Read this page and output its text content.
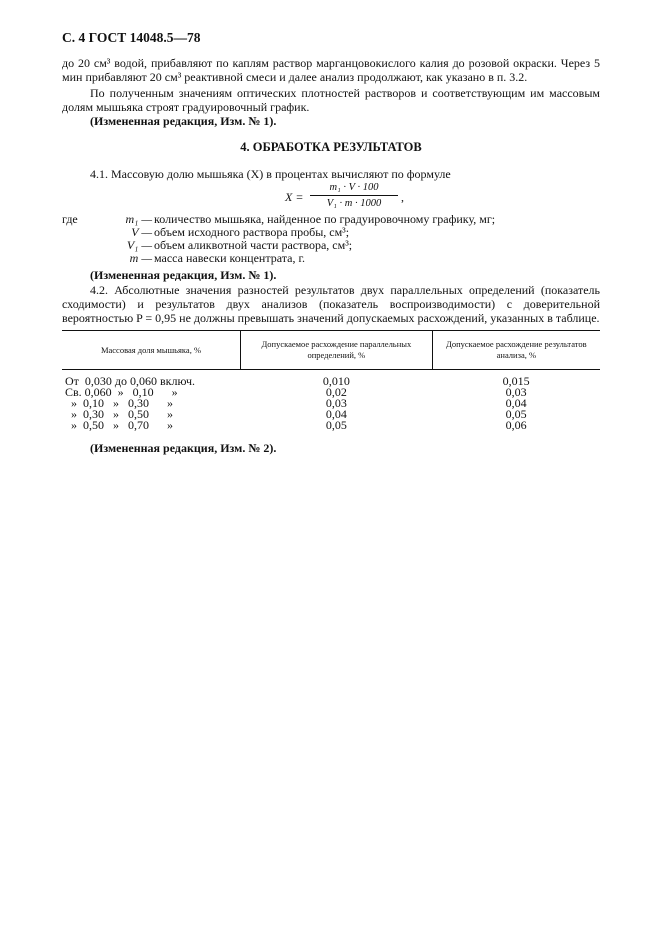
С. 4 ГОСТ 14048.5—78
до 20 см³ водой, прибавляют по каплям раствор марганцовокислого калия до розовой окраски. Через 5 мин прибавляют 20 см³ реактивной смеси и далее анализ продолжают, как указано в п. 3.2.
По полученным значениям оптических плотностей растворов и соответствующим им массовым долям мышьяка строят градуировочный график.
(Измененная редакция, Изм. № 1).
4. ОБРАБОТКА РЕЗУЛЬТАТОВ
4.1. Массовую долю мышьяка (X) в процентах вычисляют по формуле
X =
m₁ · V · 100
V₁ · m · 1000	,
где	m₁ — количество мышьяка, найденное по градуировочному графику, мг;
V — объем исходного раствора пробы, см³;
V₁ — объем аликвотной части раствора, см³;
m — масса навески концентрата, г.
(Измененная редакция, Изм. № 1).
4.2. Абсолютные значения разностей результатов двух параллельных определений (показатель сходимости) и результатов двух анализов (показатель воспроизводимости) с доверительной вероятностью P = 0,95 не должны превышать значений допускаемых расхождений, указанных в таблице.
Массовая доля мышьяка, %	Допускаемое расхождение параллельных определений, %	Допускаемое расхождение результатов анализа, %
От  0,030 до 0,060 включ.	0,010	0,015
Св. 0,060  »   0,10      »	0,02	0,03
»  0,10   »   0,30      »	0,03	0,04
»  0,30   »   0,50      »	0,04	0,05
»  0,50   »   0,70      »	0,05	0,06
(Измененная редакция, Изм. № 2).
